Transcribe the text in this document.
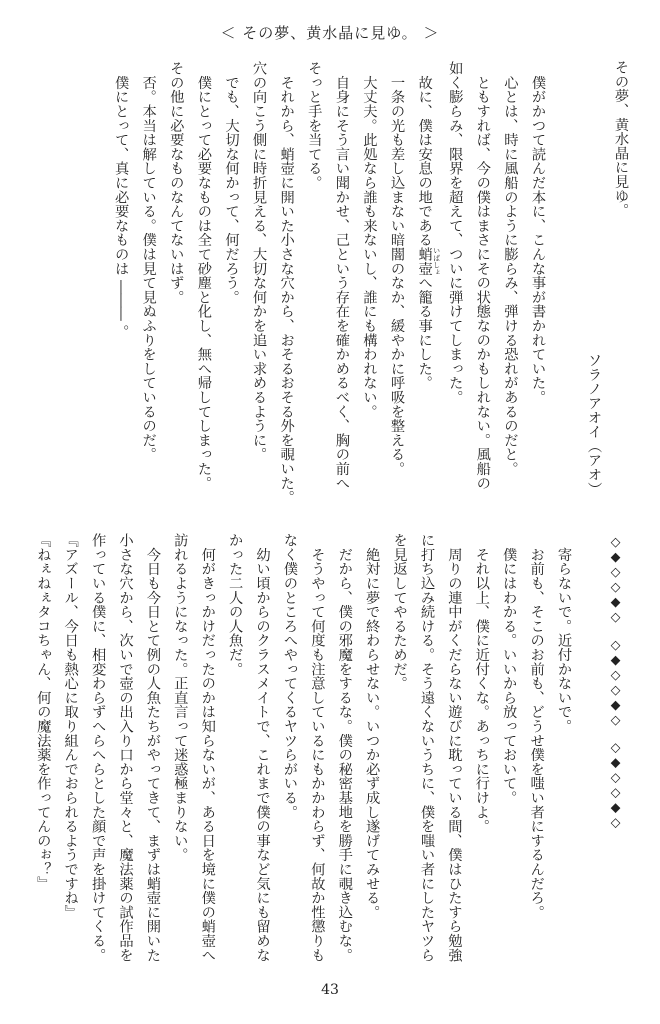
＜ その夢、黄水晶に見ゆ。 ＞
その夢、黄水晶に見ゆ。
ソラノアオイ（アオ）
　僕がかつて読んだ本に、こんな事が書かれていた。
　心とは、時に風船のように膨らみ、弾ける恐れがあるのだと。
　ともすれば、今の僕はまさにその状態なのかもしれない。風船の
如く膨らみ、限界を超えて、ついに弾けてしまった。
　故に、僕は安息の地である蛸壺 いばしょへ籠る事にした。
　一条の光も差し込まない暗闇のなか、緩やかに呼吸を整える。
　大丈夫。此処なら誰も来ないし、誰にも構われない。
　自身にそう言い聞かせ、己という存在を確かめるべく、胸の前へ
そっと手を当てる。
　それから、蛸壺に開いた小さな穴から、おそるおそる外を覗いた。
穴の向こう側に時折見える、大切な何かを追い求めるように。
　でも、大切な何かって、何だろう。
　僕にとって必要なものは全て砂塵と化し、無へ帰してしまった。
その他に必要なものなんてないはず。
　否。本当は解している。僕は見て見ぬふりをしているのだ。
　僕にとって、真に必要なものは ――― 。
◇◆◇◇◆◇　◇◆◇◇◆◇　◇◆◇◇◆◇
　寄らないで。近付かないで。
　お前も、そこのお前も、どうせ僕を嗤い者にするんだろ。
　僕にはわかる。いいから放っておいて。
　それ以上、僕に近付くな。あっちに行けよ。
　周りの連中がくだらない遊びに耽っている間、僕はひたすら勉強
に打ち込み続ける。そう遠くないうちに、僕を嗤い者にしたヤツら
を見返してやるためだ。
　絶対に夢で終わらせない。いつか必ず成し遂げてみせる。
　だから、僕の邪魔をするな。僕の秘密基地を勝手に覗き込むな。
　そうやって何度も注意しているにもかかわらず、何故か性懲りも
なく僕のところへやってくるヤツらがいる。
　幼い頃からのクラスメイトで、これまで僕の事など気にも留めな
かった二人の人魚だ。
　何がきっかけだったのかは知らないが、ある日を境に僕の蛸壺へ
訪れるようになった。正直言って迷惑極まりない。
　今日も今日とて例の人魚たちがやってきて、まずは蛸壺に開いた
小さな穴から、次いで壺の出入り口から堂々と、魔法薬の試作品を
作っている僕に、相変わらずへらへらとした顔で声を掛けてくる。
『アズール、今日も熱心に取り組んでおられるようですね』
『ねぇねぇタコちゃん、何の魔法薬を作ってんのぉ？』
43
